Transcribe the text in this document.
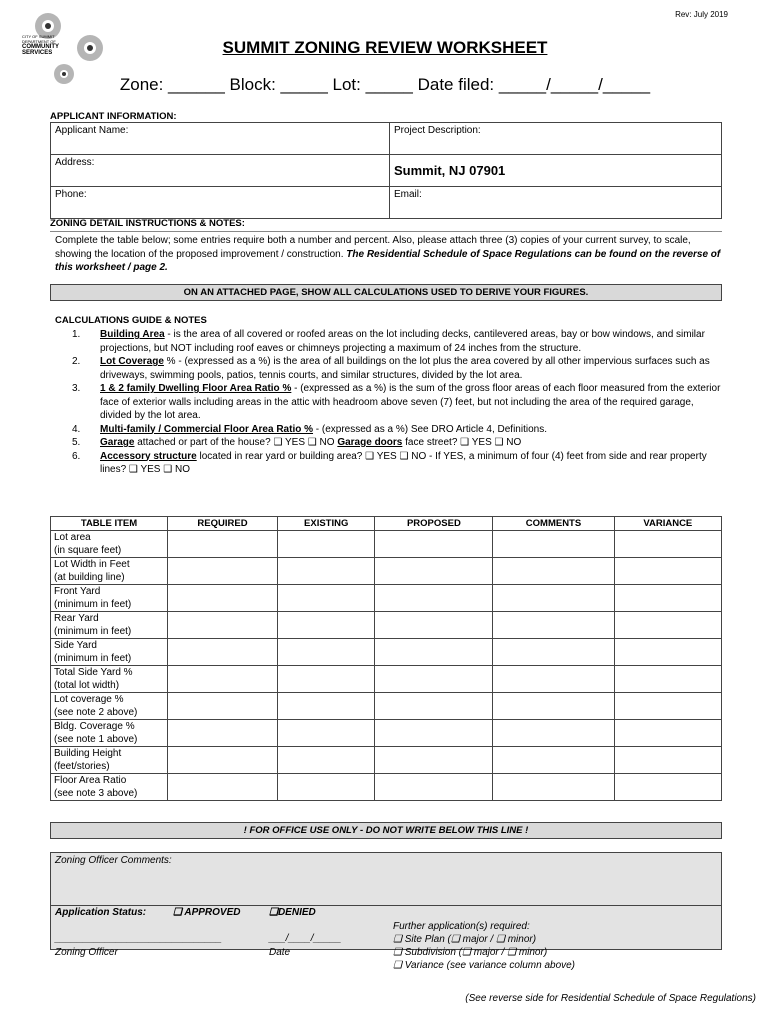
Rev: July 2019
CITY OF SUMMIT
DEPARTMENT OF
COMMUNITY
SERVICES	SUMMIT ZONING REVIEW WORKSHEET
Zone: ______ Block: _____ Lot: _____ Date filed: _____/_____/_____
APPLICANT INFORMATION:
Applicant Name:	Project Description:
Address:	Summit, NJ 07901
Phone:	Email:
ZONING DETAIL INSTRUCTIONS & NOTES:
Complete the table below; some entries require both a number and percent. Also, please attach three (3) copies of your current survey, to scale, showing the location of the proposed improvement / construction. The Residential Schedule of Space Regulations can be found on the reverse of this worksheet / page 2.
ON AN ATTACHED PAGE, SHOW ALL CALCULATIONS USED TO DERIVE YOUR FIGURES.
CALCULATIONS GUIDE & NOTES
1. Building Area - is the area of all covered or roofed areas on the lot including decks, cantilevered areas, bay or bow windows, and similar projections, but NOT including roof eaves or chimneys projecting a maximum of 24 inches from the structure.
2. Lot Coverage % - (expressed as a %) is the area of all buildings on the lot plus the area covered by all other impervious surfaces such as driveways, swimming pools, patios, tennis courts, and similar structures, divided by the lot area.
3. 1 & 2 family Dwelling Floor Area Ratio % - (expressed as a %) is the sum of the gross floor areas of each floor measured from the exterior face of exterior walls including areas in the attic with headroom above seven (7) feet, but not including the area of the required garage, divided by the lot area.
4. Multi-family / Commercial Floor Area Ratio % - (expressed as a %) See DRO Article 4, Definitions.
5. Garage attached or part of the house? ❑ YES ❑ NO Garage doors face street? ❑ YES ❑ NO
6. Accessory structure located in rear yard or building area? ❑ YES ❑ NO - If YES, a minimum of four (4) feet from side and rear property lines? ❑ YES ❑ NO
TABLE ITEM	REQUIRED	EXISTING	PROPOSED	COMMENTS	VARIANCE

Lot area
(in square feet)					

Lot Width in Feet
(at building line)					

Front Yard
(minimum in feet)					

Rear Yard
(minimum in feet)					

Side Yard
(minimum in feet)					

Total Side Yard %
(total lot width)					

Lot coverage %
(see note 2 above)					

Bldg. Coverage %
(see note 1 above)					

Building Height
(feet/stories)					

Floor Area Ratio
(see note 3 above)					

! FOR OFFICE USE ONLY - DO NOT WRITE BELOW THIS LINE !
Zoning Officer Comments:
Application Status:	❑ APPROVED	❑DENIED
______________________________	___/____/_____
Zoning Officer	Date
Further application(s) required:
❑ Site Plan (❑ major / ❑ minor)
❑ Subdivision (❑ major / ❑ minor)
❑ Variance (see variance column above)
(See reverse side for Residential Schedule of Space Regulations)
